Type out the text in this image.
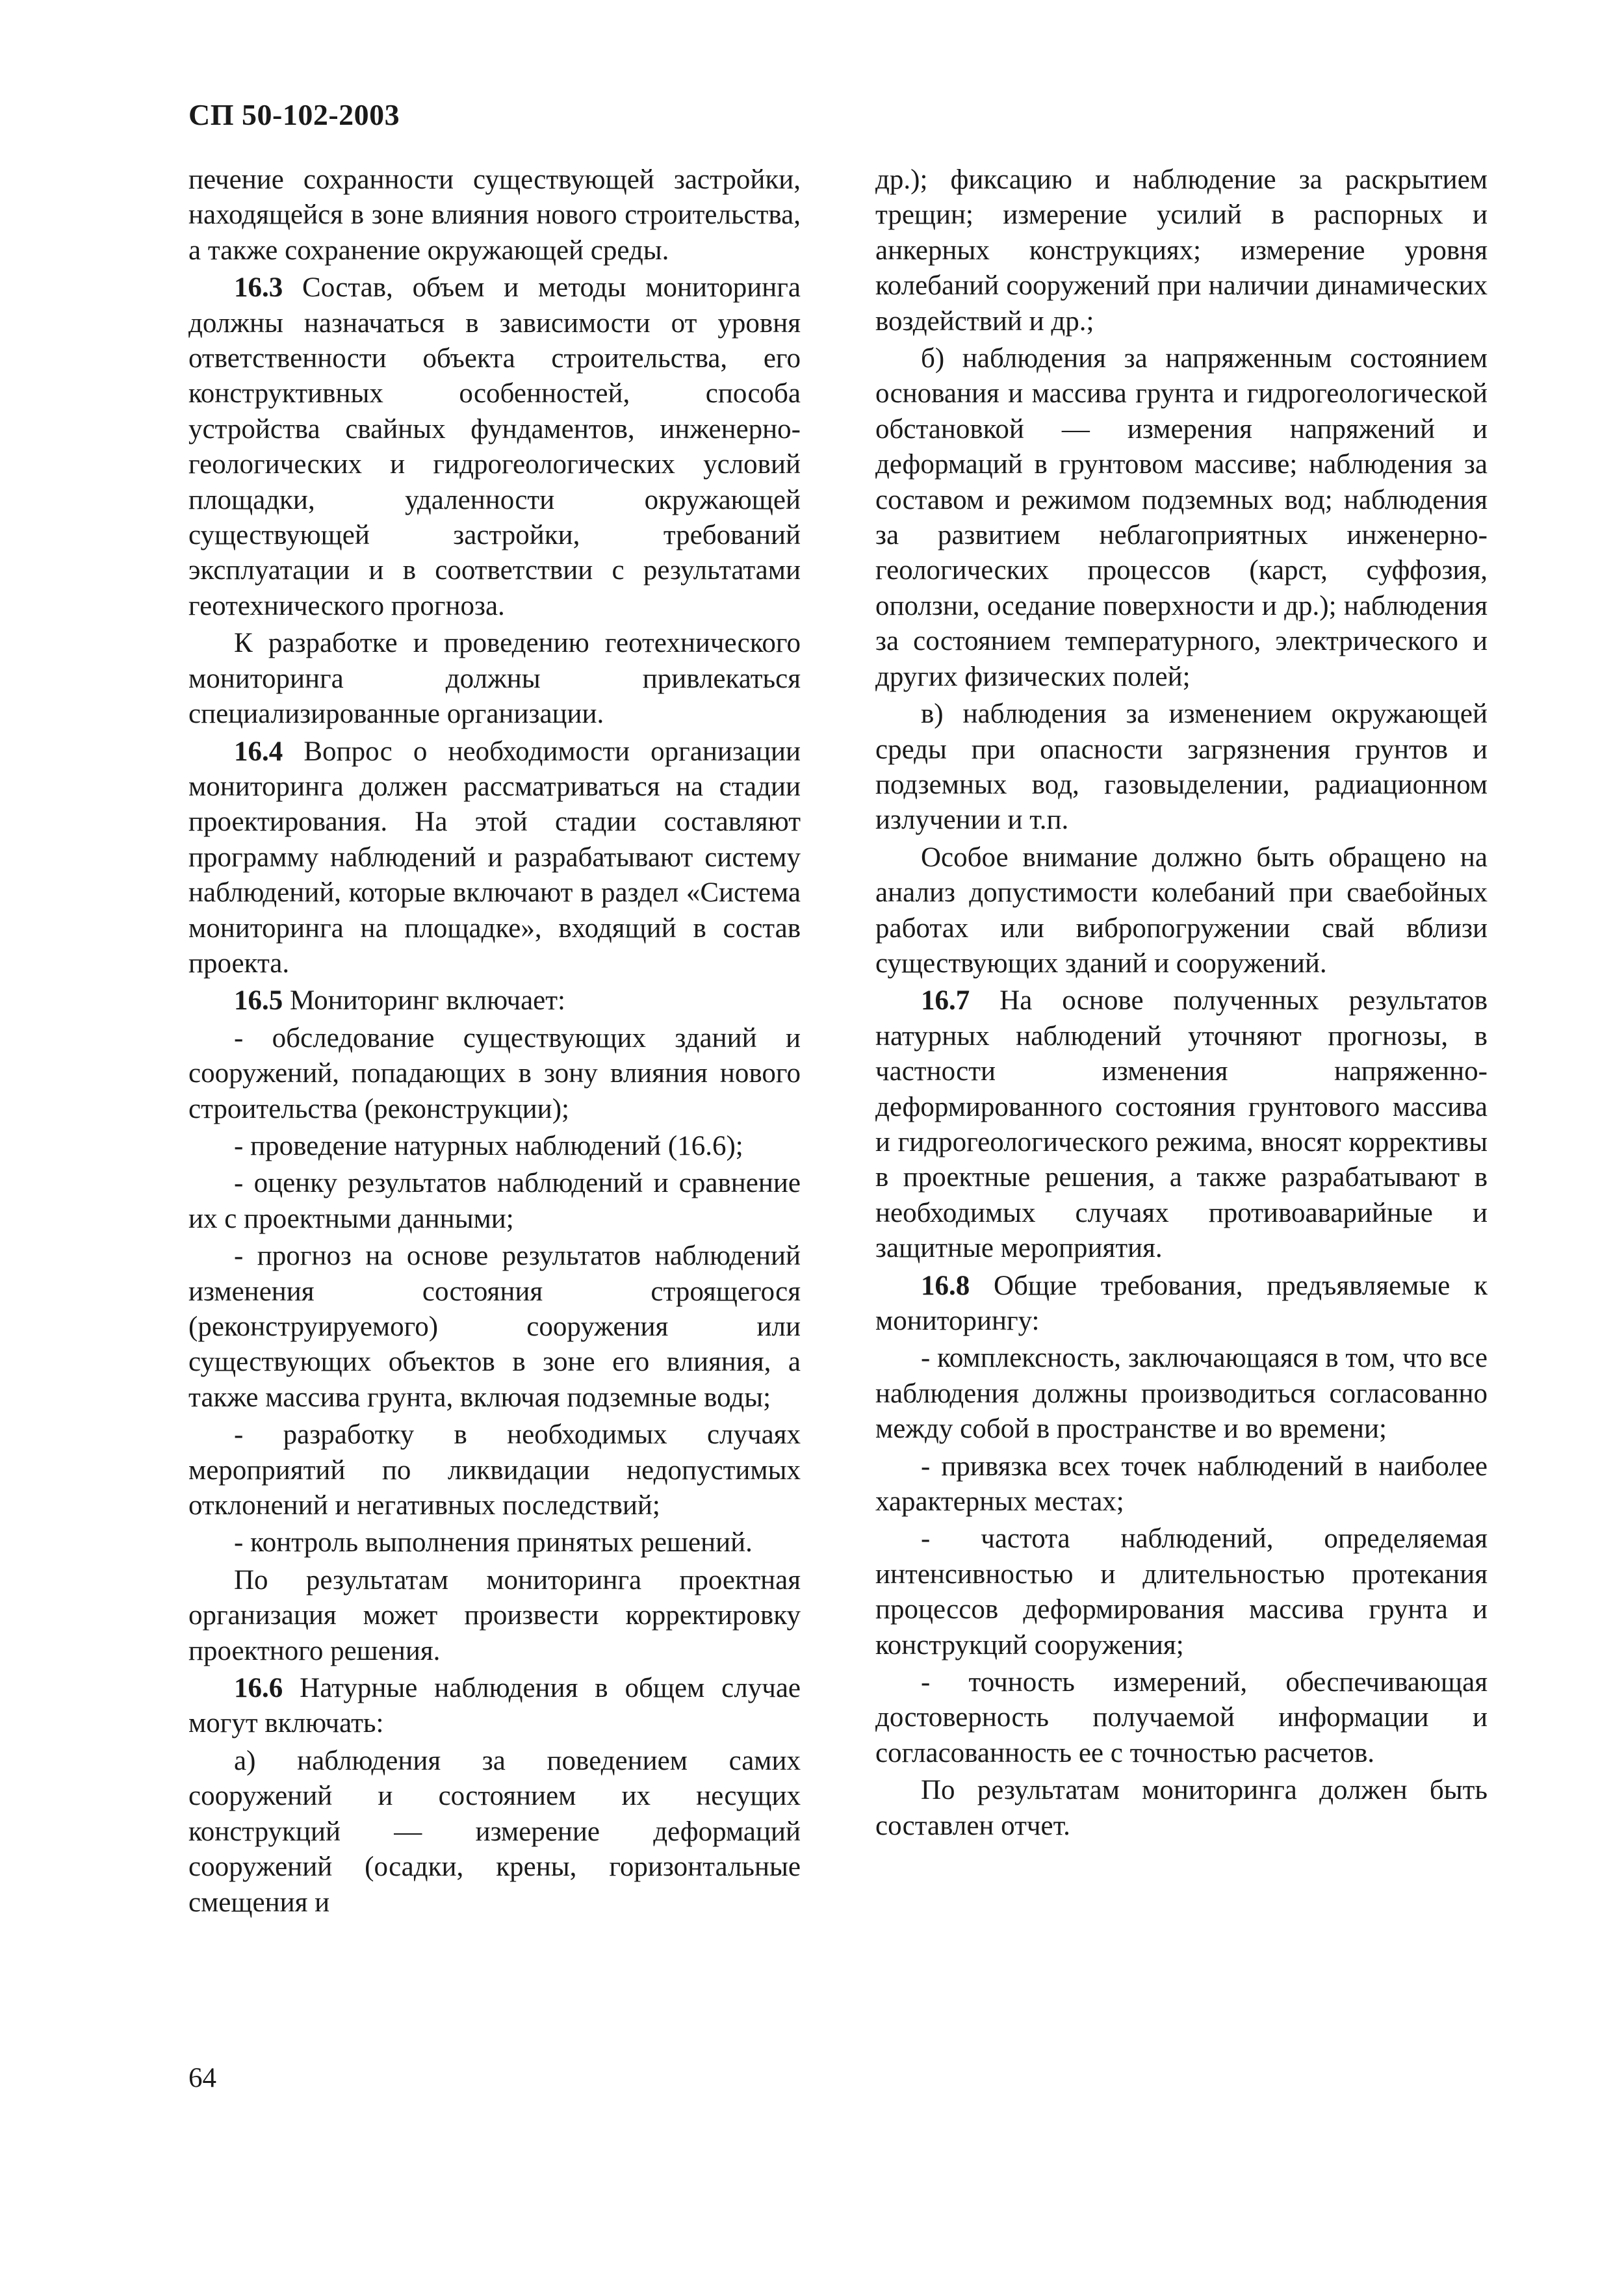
СП 50-102-2003

печение сохранности существующей застройки, находящейся в зоне влияния нового строительства, а также сохранение окружающей среды.

16.3 Состав, объем и методы мониторинга должны назначаться в зависимости от уровня ответственности объекта строительства, его конструктивных особенностей, способа устройства свайных фундаментов, инженерно-геологических и гидрогеологических условий площадки, удаленности окружающей существующей застройки, требований эксплуатации и в соответствии с результатами геотехнического прогноза.

К разработке и проведению геотехнического мониторинга должны привлекаться специализированные организации.

16.4 Вопрос о необходимости организации мониторинга должен рассматриваться на стадии проектирования. На этой стадии составляют программу наблюдений и разрабатывают систему наблюдений, которые включают в раздел «Система мониторинга на площадке», входящий в состав проекта.

16.5 Мониторинг включает:

- обследование существующих зданий и сооружений, попадающих в зону влияния нового строительства (реконструкции);

- проведение натурных наблюдений (16.6);

- оценку результатов наблюдений и сравнение их с проектными данными;

- прогноз на основе результатов наблюдений изменения состояния строящегося (реконструируемого) сооружения или существующих объектов в зоне его влияния, а также массива грунта, включая подземные воды;

- разработку в необходимых случаях мероприятий по ликвидации недопустимых отклонений и негативных последствий;

- контроль выполнения принятых решений.

По результатам мониторинга проектная организация может произвести корректировку проектного решения.

16.6 Натурные наблюдения в общем случае могут включать:

а) наблюдения за поведением самих сооружений и состоянием их несущих конструкций — измерение деформаций сооружений (осадки, крены, горизонтальные смещения и

др.); фиксацию и наблюдение за раскрытием трещин; измерение усилий в распорных и анкерных конструкциях; измерение уровня колебаний сооружений при наличии динамических воздействий и др.;

б) наблюдения за напряженным состоянием основания и массива грунта и гидрогеологической обстановкой — измерения напряжений и деформаций в грунтовом массиве; наблюдения за составом и режимом подземных вод; наблюдения за развитием неблагоприятных инженерно-геологических процессов (карст, суффозия, оползни, оседание поверхности и др.); наблюдения за состоянием температурного, электрического и других физических полей;

в) наблюдения за изменением окружающей среды при опасности загрязнения грунтов и подземных вод, газовыделении, радиационном излучении и т.п.

Особое внимание должно быть обращено на анализ допустимости колебаний при сваебойных работах или вибропогружении свай вблизи существующих зданий и сооружений.

16.7 На основе полученных результатов натурных наблюдений уточняют прогнозы, в частности изменения напряженно-деформированного состояния грунтового массива и гидрогеологического режима, вносят коррективы в проектные решения, а также разрабатывают в необходимых случаях противоаварийные и защитные мероприятия.

16.8 Общие требования, предъявляемые к мониторингу:

- комплексность, заключающаяся в том, что все наблюдения должны производиться согласованно между собой в пространстве и во времени;

- привязка всех точек наблюдений в наиболее характерных местах;

- частота наблюдений, определяемая интенсивностью и длительностью протекания процессов деформирования массива грунта и конструкций сооружения;

- точность измерений, обеспечивающая достоверность получаемой информации и согласованность ее с точностью расчетов.

По результатам мониторинга должен быть составлен отчет.

64
